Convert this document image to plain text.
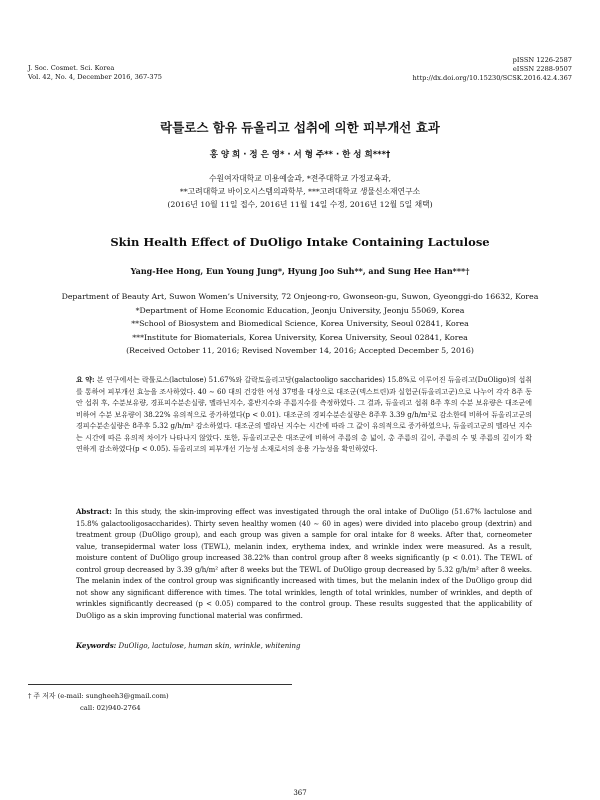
J. Soc. Cosmet. Sci. Korea
Vol. 42, No. 4, December 2016, 367-375
pISSN 1226-2587
eISSN 2288-9507
http://dx.doi.org/10.15230/SCSK.2016.42.4.367
락틀로스 함유 듀올리고 섭취에 의한 피부개선 효과
홍 양 희 · 정 은 영* · 서 형 주** · 한 성 희***†
수원여자대학교 미용예술과, *전주대학교 가정교육과,
**고려대학교 바이오시스템의과학부, ***고려대학교 생물신소재연구소
(2016년 10월 11일 접수, 2016년 11월 14일 수정, 2016년 12월 5일 채택)
Skin Health Effect of DuOligo Intake Containing Lactulose
Yang-Hee Hong, Eun Young Jung*, Hyung Joo Suh**, and Sung Hee Han***†
Department of Beauty Art, Suwon Women’s University, 72 Onjeong-ro, Gwonseon-gu, Suwon, Gyeonggi-do 16632, Korea
*Department of Home Economic Education, Jeonju University, Jeonju 55069, Korea
**School of Biosystem and Biomedical Science, Korea University, Seoul 02841, Korea
***Institute for Biomaterials, Korea University, Korea University, Seoul 02841, Korea
(Received October 11, 2016; Revised November 14, 2016; Accepted December 5, 2016)
요 약: 본 연구에서는 락툴로스(lactulose) 51.67%와 갈락토올리고당(galactooligo saccharides) 15.8%로 이루어진 듀올리고(DuOligo)의 섭취를 통하여 피부개선 효능을 조사하였다. 40 ∼ 60 대의 건강한 여성 37명을 대상으로 대조군(덱스트린)과 실험군(듀올리고군)으로 나누어 각각 8주 동안 섭취 후, 수분보유량, 경표피수분손실량, 멜라닌지수, 홍반지수와 주름지수를 측정하였다. 그 결과, 듀올리고 섭취 8주 후의 수분 보유량은 대조군에 비하여 수분 보유량이 38.22% 유의적으로 증가하였다(p < 0.01). 대조군의 경피수분손실량은 8주후 3.39 g/h/m²로 감소한데 비하여 듀올리고군의 경피수분손실량은 8주후 5.32 g/h/m² 감소하였다. 대조군의 멜라닌 지수는 시간에 따라 그 값이 유의적으로 증가하였으나, 듀올리고군의 멜라닌 지수는 시간에 따른 유의적 차이가 나타나지 않았다. 또한, 듀올리고군은 대조군에 비하여 주름의 총 넓이, 총 주름의 길이, 주름의 수 및 주름의 깊이가 확연하게 감소하였다(p < 0.05). 듀올리고의 피부개선 기능성 소재로서의 응용 가능성을 확인하였다.
Abstract: In this study, the skin-improving effect was investigated through the oral intake of DuOligo (51.67% lactulose and 15.8% galactooligosaccharides). Thirty seven healthy women (40 ∼ 60 in ages) were divided into placebo group (dextrin) and treatment group (DuOligo group), and each group was given a sample for oral intake for 8 weeks. After that, corneometer value, transepidermal water loss (TEWL), melanin index, erythema index, and wrinkle index were measured. As a result, moisture content of DuOligo group increased 38.22% than control group after 8 weeks significantly (p < 0.01). The TEWL of control group decreased by 3.39 g/h/m² after 8 weeks but the TEWL of DuOligo group decreased by 5.32 g/h/m² after 8 weeks. The melanin index of the control group was significantly increased with times, but the melanin index of the DuOligo group did not show any significant difference with times. The total wrinkles, length of total wrinkles, number of wrinkles, and depth of wrinkles significantly decreased (p < 0.05) compared to the control group. These results suggested that the applicability of DuOligo as a skin improving functional material was confirmed.
Keywords: DuOligo, lactulose, human skin, wrinkle, whitening
† 주 저자 (e-mail: sungheeh3@gmail.com)
call: 02)940-2764
367
